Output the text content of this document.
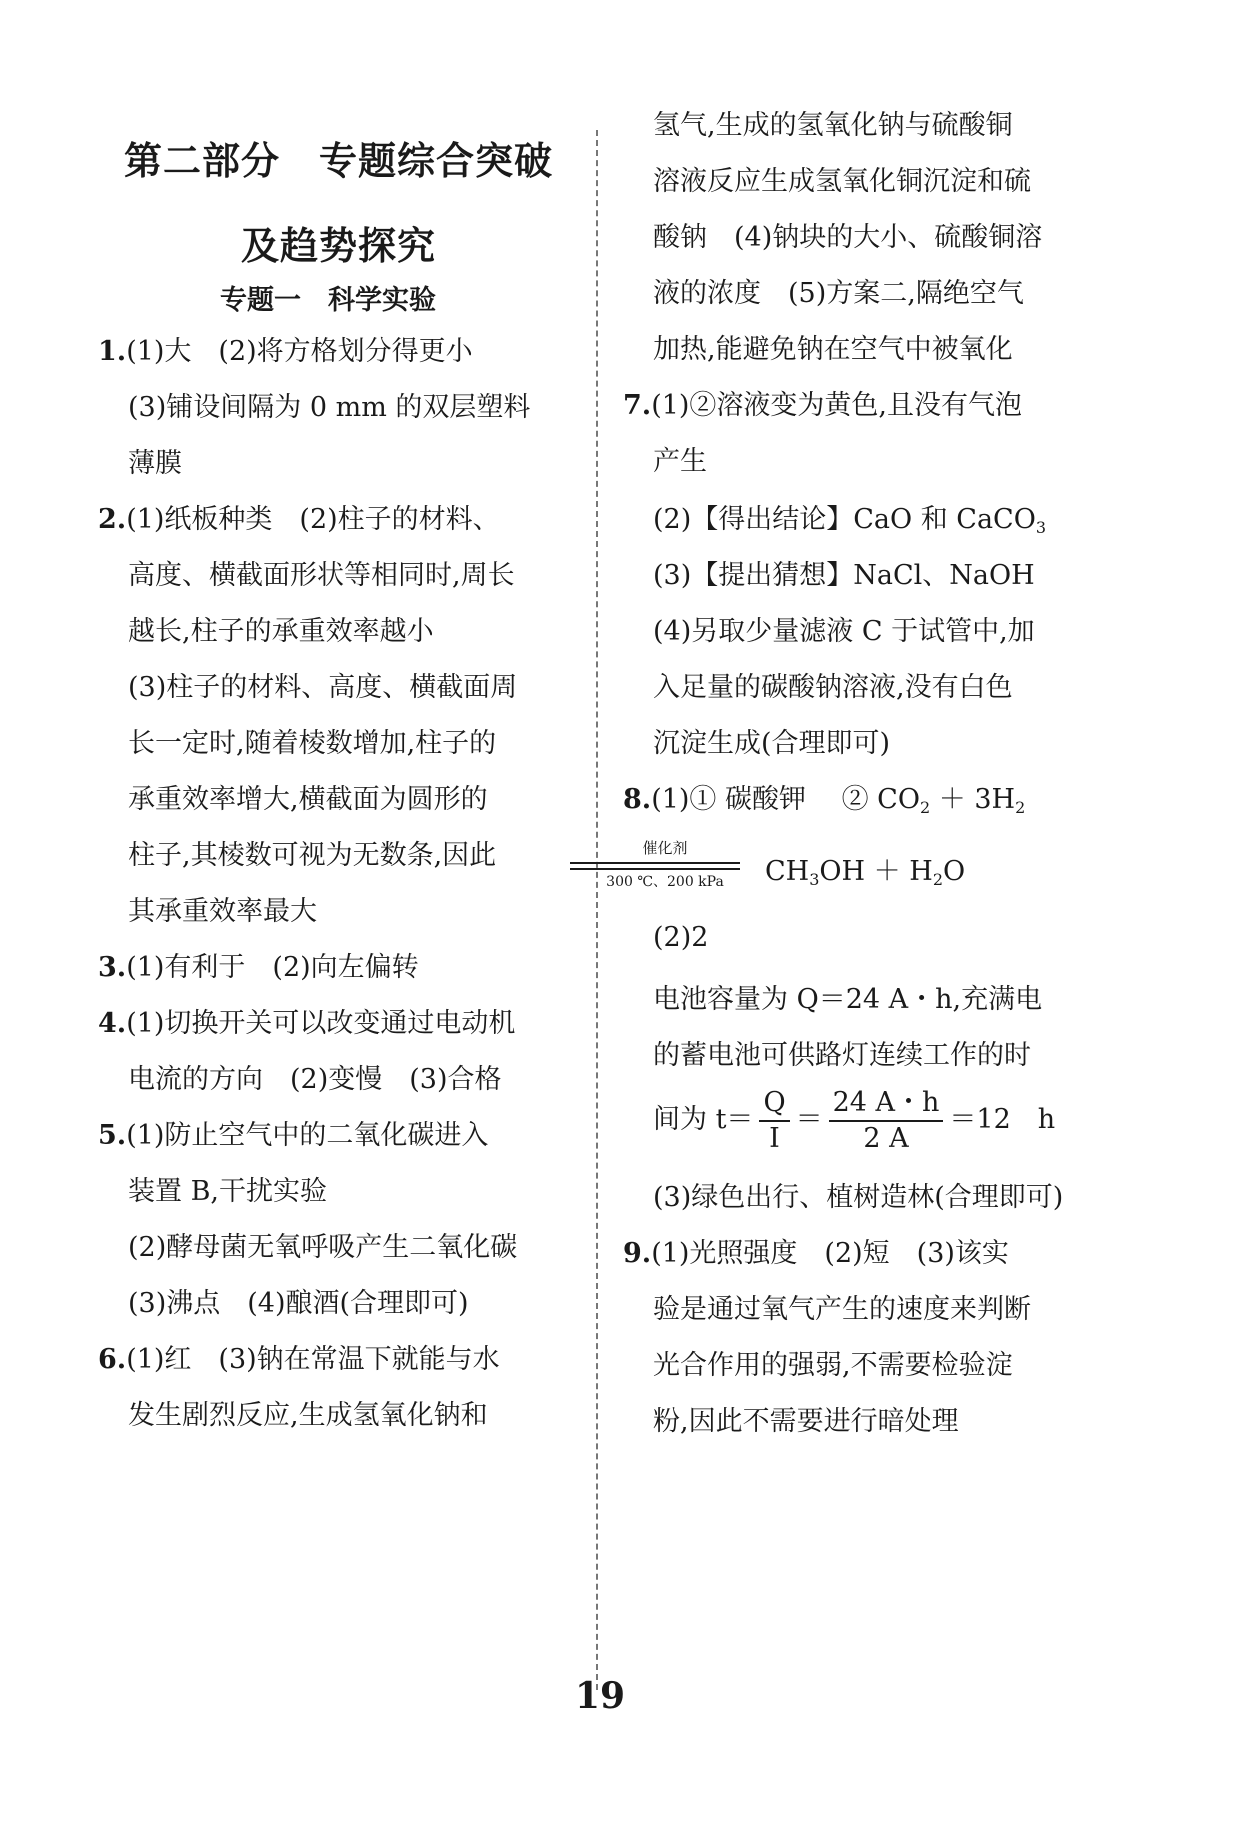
第二部分　专题综合突破
及趋势探究
专题一　科学实验
1.(1)大　(2)将方格划分得更小
(3)铺设间隔为 0 mm 的双层塑料
薄膜
2.(1)纸板种类　(2)柱子的材料、
高度、横截面形状等相同时,周长
越长,柱子的承重效率越小
(3)柱子的材料、高度、横截面周
长一定时,随着棱数增加,柱子的
承重效率增大,横截面为圆形的
柱子,其棱数可视为无数条,因此
其承重效率最大
3.(1)有利于　(2)向左偏转
4.(1)切换开关可以改变通过电动机
电流的方向　(2)变慢　(3)合格
5.(1)防止空气中的二氧化碳进入
装置 B,干扰实验
(2)酵母菌无氧呼吸产生二氧化碳
(3)沸点　(4)酿酒(合理即可)
6.(1)红　(3)钠在常温下就能与水
发生剧烈反应,生成氢氧化钠和
氢气,生成的氢氧化钠与硫酸铜
溶液反应生成氢氧化铜沉淀和硫
酸钠　(4)钠块的大小、硫酸铜溶
液的浓度　(5)方案二,隔绝空气
加热,能避免钠在空气中被氧化
7.(1)②溶液变为黄色,且没有气泡
产生
(2)【得出结论】CaO 和 CaCO$_3$
(3)【提出猜想】NaCl、NaOH
(4)另取少量滤液 C 于试管中,加
入足量的碳酸钠溶液,没有白色
沉淀生成(合理即可)
8.(1)① 碳酸钾　 ② $CO_2 + 3H_2$
催化剂
300 ℃、200 kPa	$CH_3OH + H_2O$
(2)2
电池容量为 Q＝24 A・h,充满电
的蓄电池可供路灯连续工作的时
间为 $t= \frac{Q}{I} = \frac{24 A・h}{2 A} =12$　h
(3)绿色出行、植树造林(合理即可)
9.(1)光照强度　(2)短　(3)该实
验是通过氧气产生的速度来判断
光合作用的强弱,不需要检验淀
粉,因此不需要进行暗处理
19
